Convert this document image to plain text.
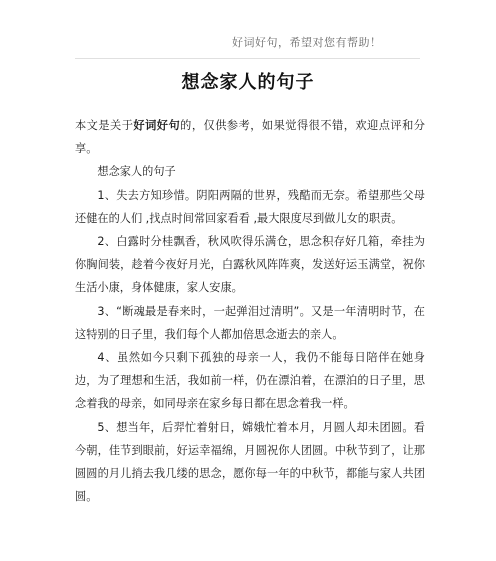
好词好句，希望对您有帮助！
想念家人的句子

本文是关于好词好句的，仅供参考，如果觉得很不错，欢迎点评和分享。

想念家人的句子

1、失去方知珍惜。阴阳两隔的世界，残酷而无奈。希望那些父母还健在的人们 ,找点时间常回家看看 ,最大限度尽到做儿女的职责。

2、白露时分桂飘香，秋风吹得乐满仓，思念积存好几箱，牵挂为你胸间装，趁着今夜好月光，白露秋风阵阵爽，发送好运玉满堂，祝你生活小康，身体健康，家人安康。

3、“断魂最是春来时，一起弹泪过清明”。又是一年清明时节，在这特别的日子里，我们每个人都加倍思念逝去的亲人。

4、虽然如今只剩下孤独的母亲一人，我仍不能每日陪伴在她身边，为了理想和生活，我如前一样，仍在漂泊着，在漂泊的日子里，思念着我的母亲，如同母亲在家乡每日都在思念着我一样。

5、想当年，后羿忙着射日，嫦娥忙着本月，月圆人却未团圆。看今朝，佳节到眼前，好运幸福绵，月圆祝你人团圆。中秋节到了，让那圆圆的月儿捎去我几缕的思念，愿你每一年的中秋节，都能与家人共团圆。
